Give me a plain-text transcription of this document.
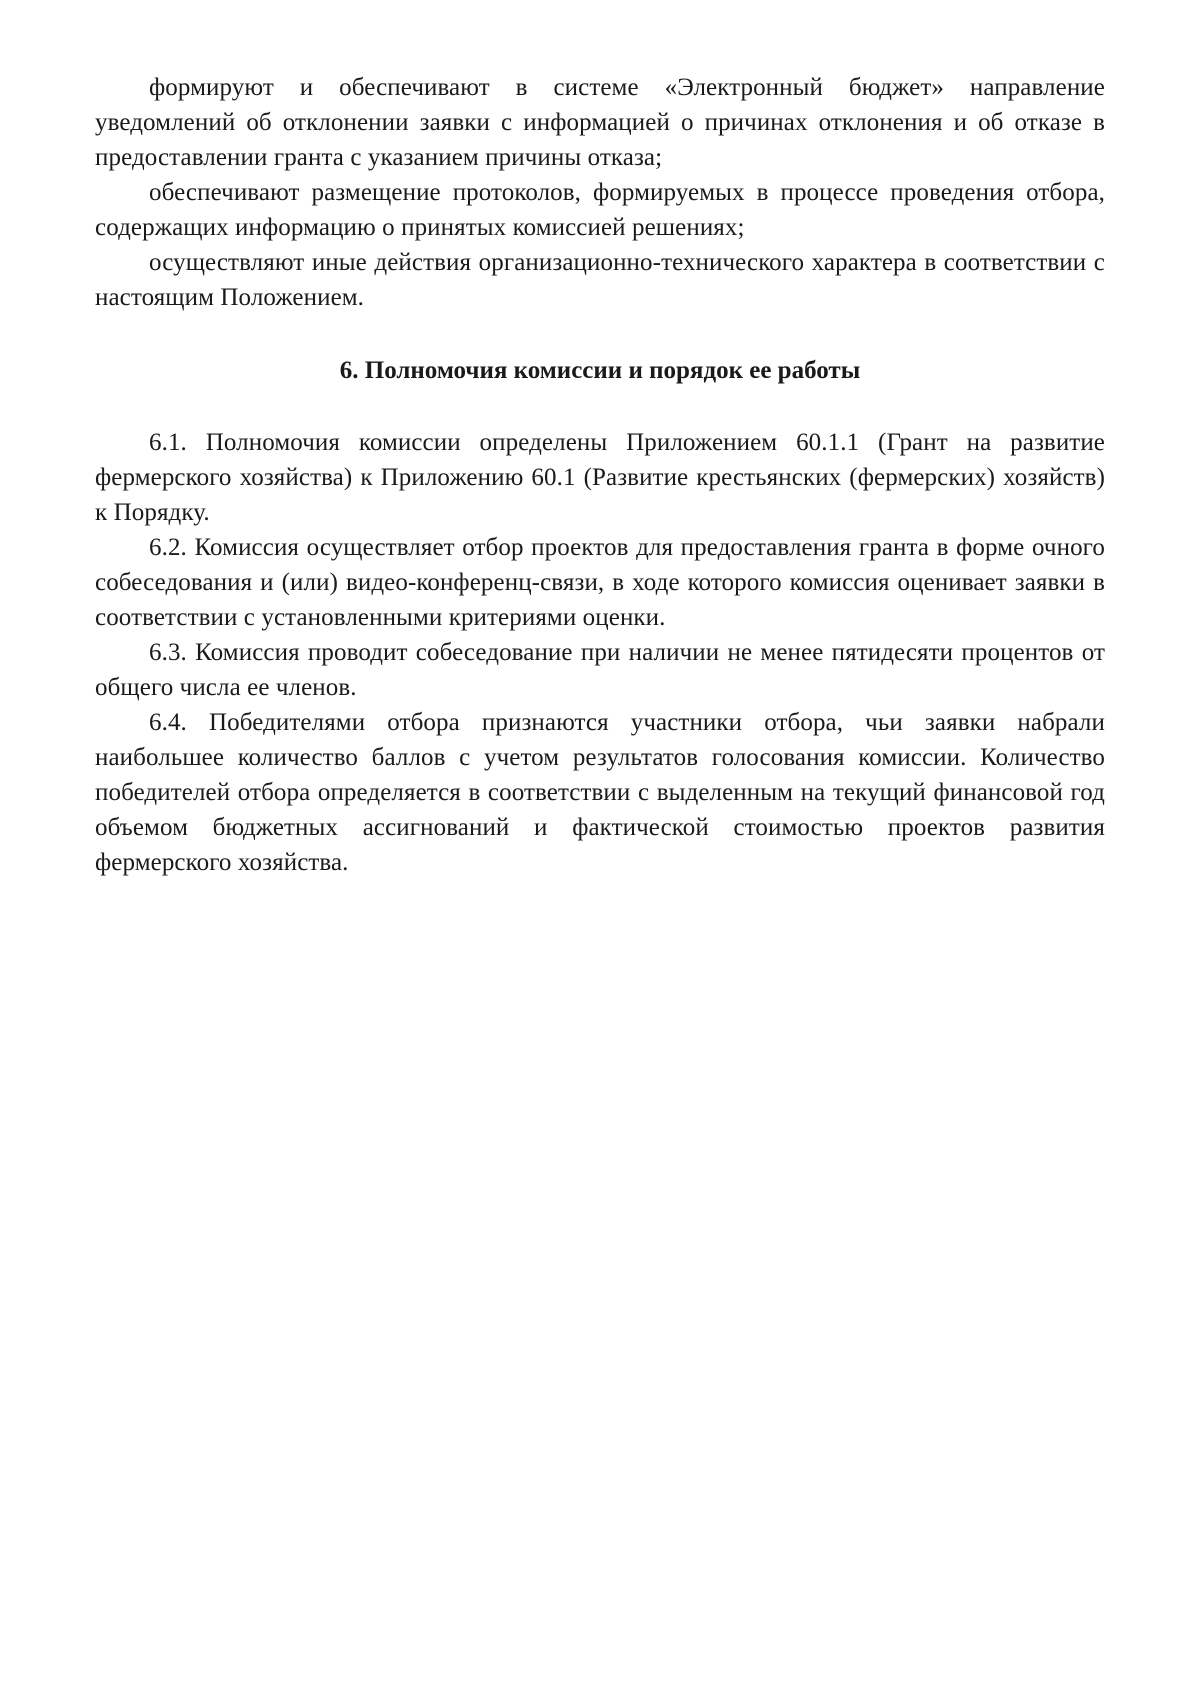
формируют и обеспечивают в системе «Электронный бюджет» направление уведомлений об отклонении заявки с информацией о причинах отклонения и об отказе в предоставлении гранта с указанием причины отказа;

обеспечивают размещение протоколов, формируемых в процессе проведения отбора, содержащих информацию о принятых комиссией решениях;

осуществляют иные действия организационно-технического характера в соответствии с настоящим Положением.

6. Полномочия комиссии и порядок ее работы

6.1. Полномочия комиссии определены Приложением 60.1.1 (Грант на развитие фермерского хозяйства) к Приложению 60.1 (Развитие крестьянских (фермерских) хозяйств) к Порядку.

6.2. Комиссия осуществляет отбор проектов для предоставления гранта в форме очного собеседования и (или) видео-конференц-связи, в ходе которого комиссия оценивает заявки в соответствии с установленными критериями оценки.

6.3. Комиссия проводит собеседование при наличии не менее пятидесяти процентов от общего числа ее членов.

6.4. Победителями отбора признаются участники отбора, чьи заявки набрали наибольшее количество баллов с учетом результатов голосования комиссии. Количество победителей отбора определяется в соответствии с выделенным на текущий финансовой год объемом бюджетных ассигнований и фактической стоимостью проектов развития фермерского хозяйства.
